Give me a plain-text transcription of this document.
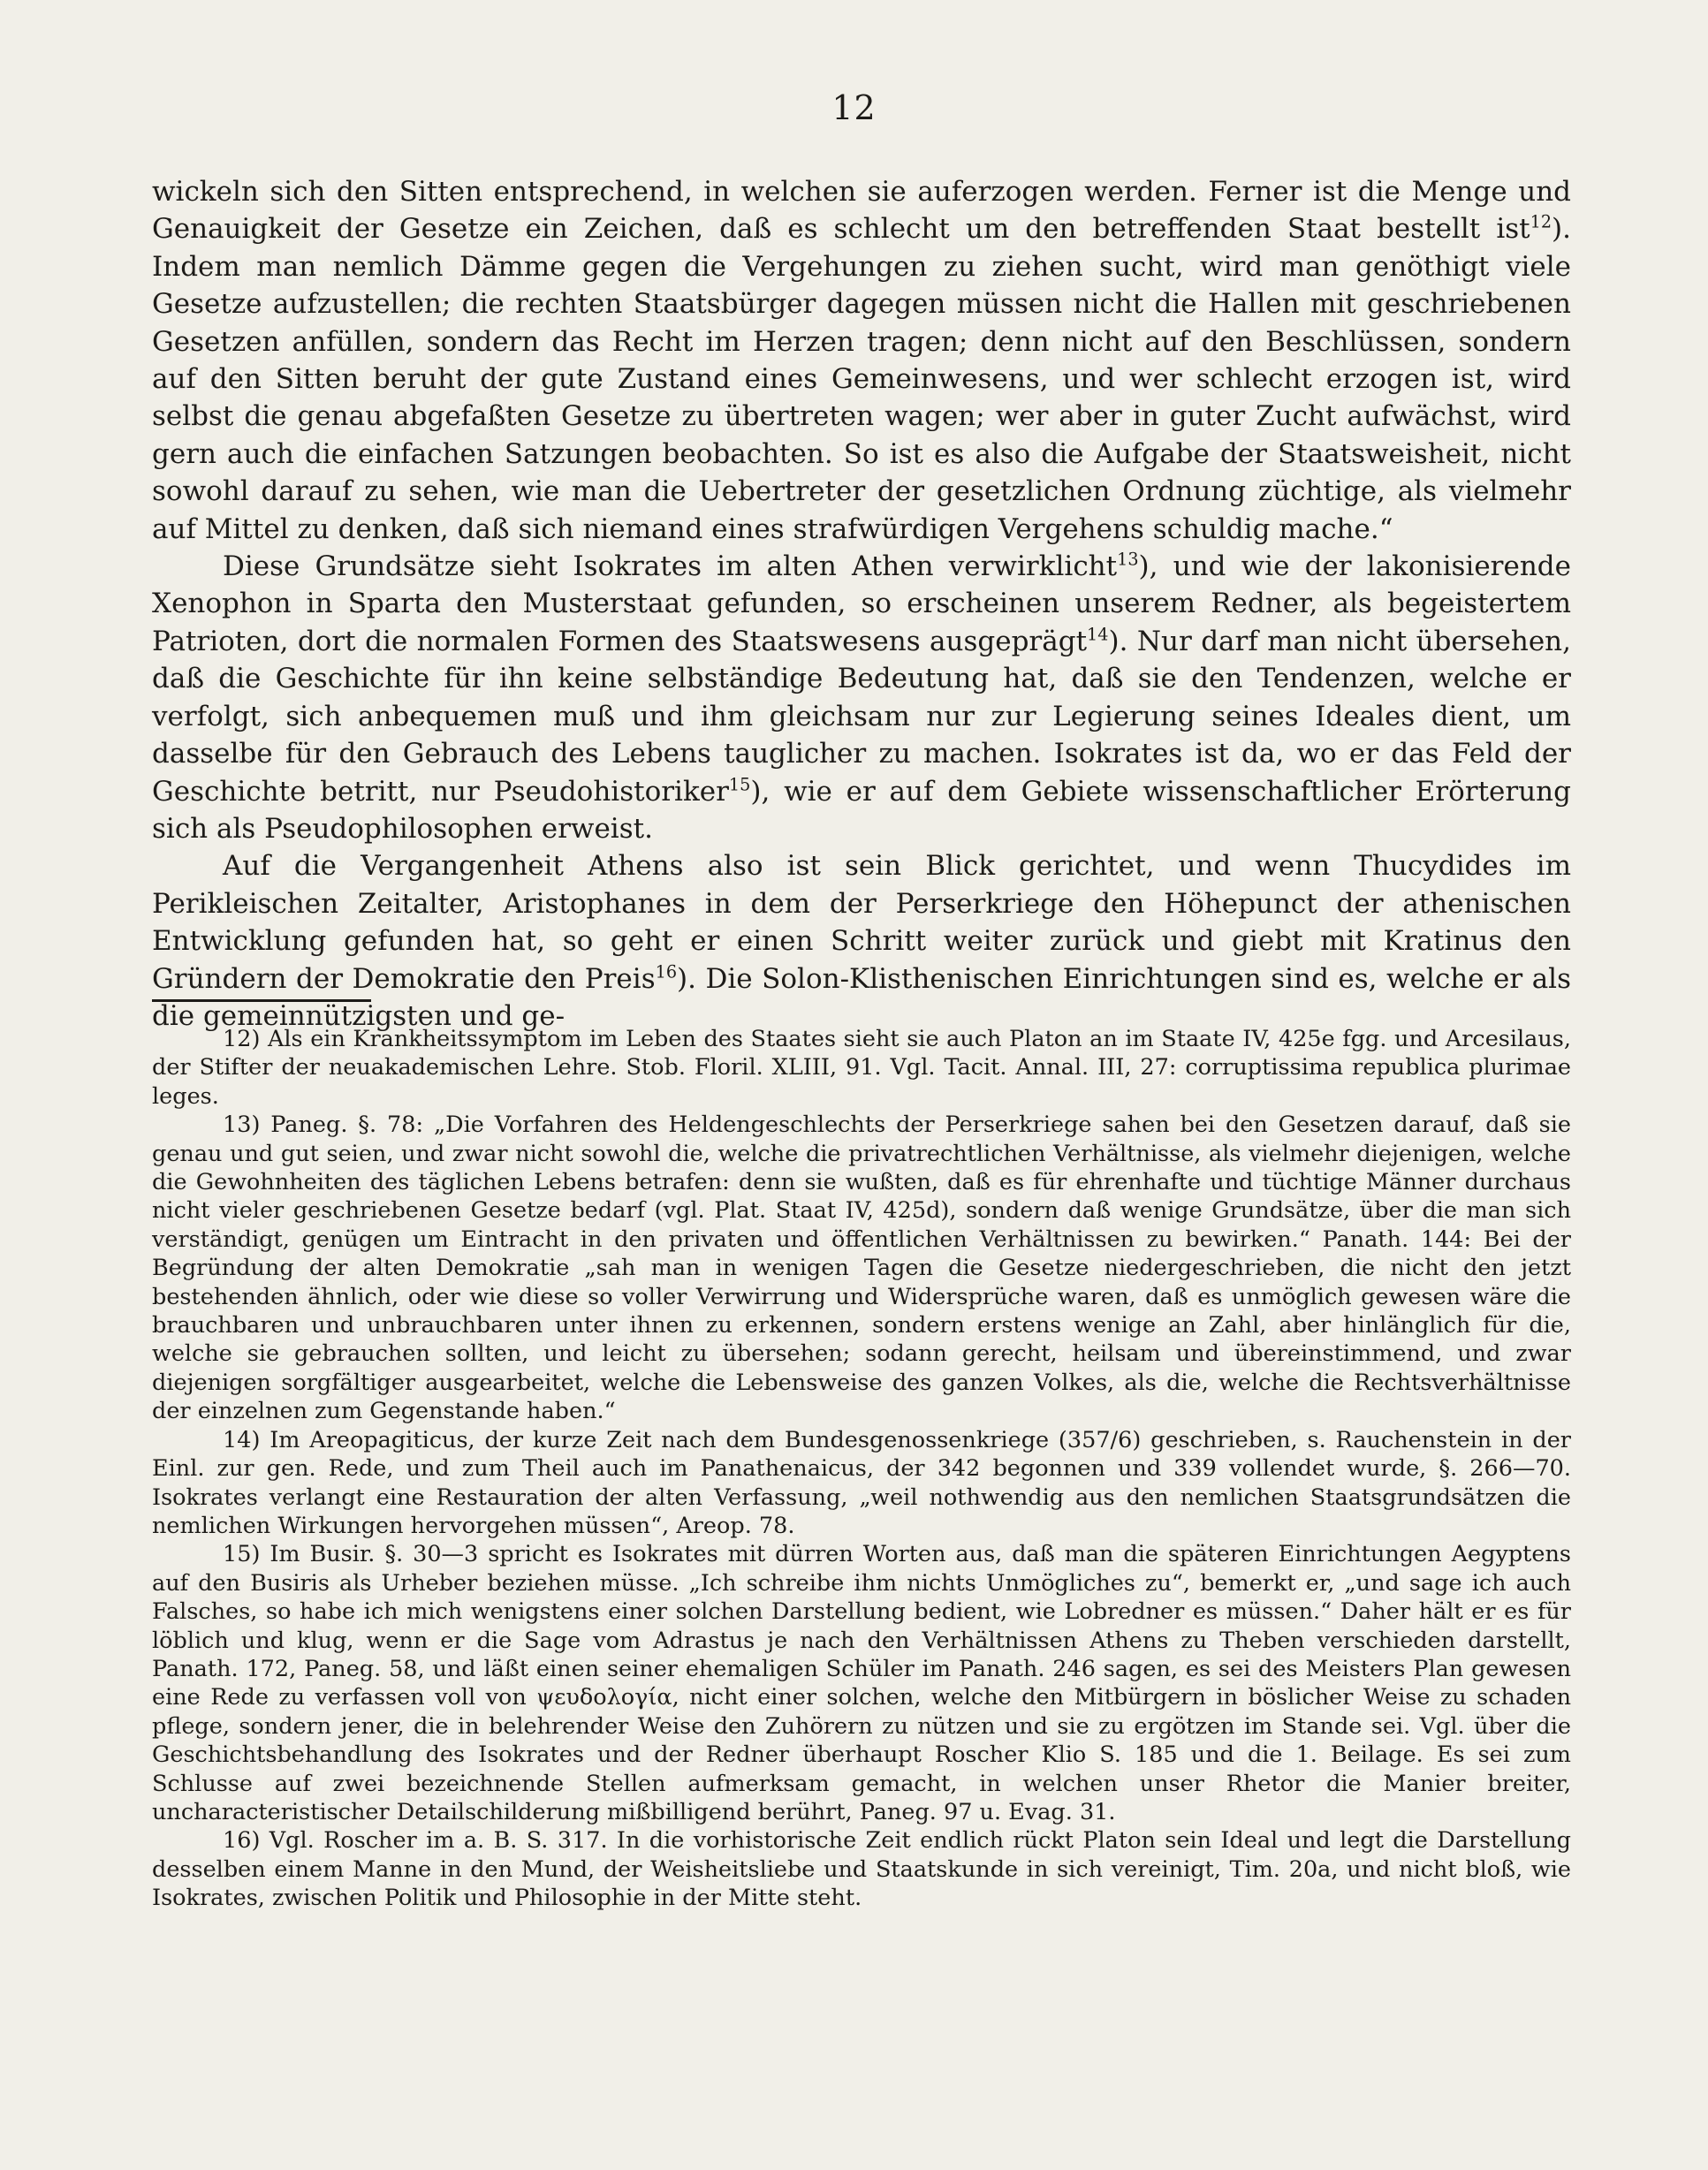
12

wickeln sich den Sitten entsprechend, in welchen sie auferzogen werden. Ferner ist die Menge und Genauigkeit der Gesetze ein Zeichen, daß es schlecht um den betreffenden Staat bestellt ist$^{12}$). Indem man nemlich Dämme gegen die Vergehungen zu ziehen sucht, wird man genöthigt viele Gesetze aufzustellen; die rechten Staatsbürger dagegen müssen nicht die Hallen mit geschriebenen Gesetzen anfüllen, sondern das Recht im Herzen tragen; denn nicht auf den Beschlüssen, sondern auf den Sitten beruht der gute Zustand eines Gemeinwesens, und wer schlecht erzogen ist, wird selbst die genau abgefaßten Gesetze zu übertreten wagen; wer aber in guter Zucht aufwächst, wird gern auch die einfachen Satzungen beobachten. So ist es also die Aufgabe der Staatsweisheit, nicht sowohl darauf zu sehen, wie man die Uebertreter der gesetzlichen Ordnung züchtige, als vielmehr auf Mittel zu denken, daß sich niemand eines strafwürdigen Vergehens schuldig mache.“

Diese Grundsätze sieht Isokrates im alten Athen verwirklicht$^{13}$), und wie der lakonisierende Xenophon in Sparta den Musterstaat gefunden, so erscheinen unserem Redner, als begeistertem Patrioten, dort die normalen Formen des Staatswesens ausgeprägt$^{14}$). Nur darf man nicht übersehen, daß die Geschichte für ihn keine selbständige Bedeutung hat, daß sie den Tendenzen, welche er verfolgt, sich anbequemen muß und ihm gleichsam nur zur Legierung seines Ideales dient, um dasselbe für den Gebrauch des Lebens tauglicher zu machen. Isokrates ist da, wo er das Feld der Geschichte betritt, nur Pseudohistoriker$^{15}$), wie er auf dem Gebiete wissenschaftlicher Erörterung sich als Pseudophilosophen erweist.

Auf die Vergangenheit Athens also ist sein Blick gerichtet, und wenn Thucydides im Perikleischen Zeitalter, Aristophanes in dem der Perserkriege den Höhepunct der athenischen Entwicklung gefunden hat, so geht er einen Schritt weiter zurück und giebt mit Kratinus den Gründern der Demokratie den Preis$^{16}$). Die Solon-Klisthenischen Einrichtungen sind es, welche er als die gemeinnützigsten und ge-

12) Als ein Krankheitssymptom im Leben des Staates sieht sie auch Platon an im Staate IV, 425e fgg. und Arcesilaus, der Stifter der neuakademischen Lehre. Stob. Floril. XLIII, 91. Vgl. Tacit. Annal. III, 27: corruptissima republica plurimae leges.

13) Paneg. §. 78: „Die Vorfahren des Heldengeschlechts der Perserkriege sahen bei den Gesetzen darauf, daß sie genau und gut seien, und zwar nicht sowohl die, welche die privatrechtlichen Verhältnisse, als vielmehr diejenigen, welche die Gewohnheiten des täglichen Lebens betrafen: denn sie wußten, daß es für ehrenhafte und tüchtige Männer durchaus nicht vieler geschriebenen Gesetze bedarf (vgl. Plat. Staat IV, 425d), sondern daß wenige Grundsätze, über die man sich verständigt, genügen um Eintracht in den privaten und öffentlichen Verhältnissen zu bewirken.“ Panath. 144: Bei der Begründung der alten Demokratie „sah man in wenigen Tagen die Gesetze niedergeschrieben, die nicht den jetzt bestehenden ähnlich, oder wie diese so voller Verwirrung und Widersprüche waren, daß es unmöglich gewesen wäre die brauchbaren und unbrauchbaren unter ihnen zu erkennen, sondern erstens wenige an Zahl, aber hinlänglich für die, welche sie gebrauchen sollten, und leicht zu übersehen; sodann gerecht, heilsam und übereinstimmend, und zwar diejenigen sorgfältiger ausgearbeitet, welche die Lebensweise des ganzen Volkes, als die, welche die Rechtsverhältnisse der einzelnen zum Gegenstande haben.“

14) Im Areopagiticus, der kurze Zeit nach dem Bundesgenossenkriege (357/6) geschrieben, s. Rauchenstein in der Einl. zur gen. Rede, und zum Theil auch im Panathenaicus, der 342 begonnen und 339 vollendet wurde, §. 266—70. Isokrates verlangt eine Restauration der alten Verfassung, „weil nothwendig aus den nemlichen Staatsgrundsätzen die nemlichen Wirkungen hervorgehen müssen“, Areop. 78.

15) Im Busir. §. 30—3 spricht es Isokrates mit dürren Worten aus, daß man die späteren Einrichtungen Aegyptens auf den Busiris als Urheber beziehen müsse. „Ich schreibe ihm nichts Unmögliches zu“, bemerkt er, „und sage ich auch Falsches, so habe ich mich wenigstens einer solchen Darstellung bedient, wie Lobredner es müssen.“ Daher hält er es für löblich und klug, wenn er die Sage vom Adrastus je nach den Verhältnissen Athens zu Theben verschieden darstellt, Panath. 172, Paneg. 58, und läßt einen seiner ehemaligen Schüler im Panath. 246 sagen, es sei des Meisters Plan gewesen eine Rede zu verfassen voll von ψευδολογία, nicht einer solchen, welche den Mitbürgern in böslicher Weise zu schaden pflege, sondern jener, die in belehrender Weise den Zuhörern zu nützen und sie zu ergötzen im Stande sei. Vgl. über die Geschichtsbehandlung des Isokrates und der Redner überhaupt Roscher Klio S. 185 und die 1. Beilage. Es sei zum Schlusse auf zwei bezeichnende Stellen aufmerksam gemacht, in welchen unser Rhetor die Manier breiter, uncharacteristischer Detailschilderung mißbilligend berührt, Paneg. 97 u. Evag. 31.

16) Vgl. Roscher im a. B. S. 317. In die vorhistorische Zeit endlich rückt Platon sein Ideal und legt die Darstellung desselben einem Manne in den Mund, der Weisheitsliebe und Staatskunde in sich vereinigt, Tim. 20a, und nicht bloß, wie Isokrates, zwischen Politik und Philosophie in der Mitte steht.
